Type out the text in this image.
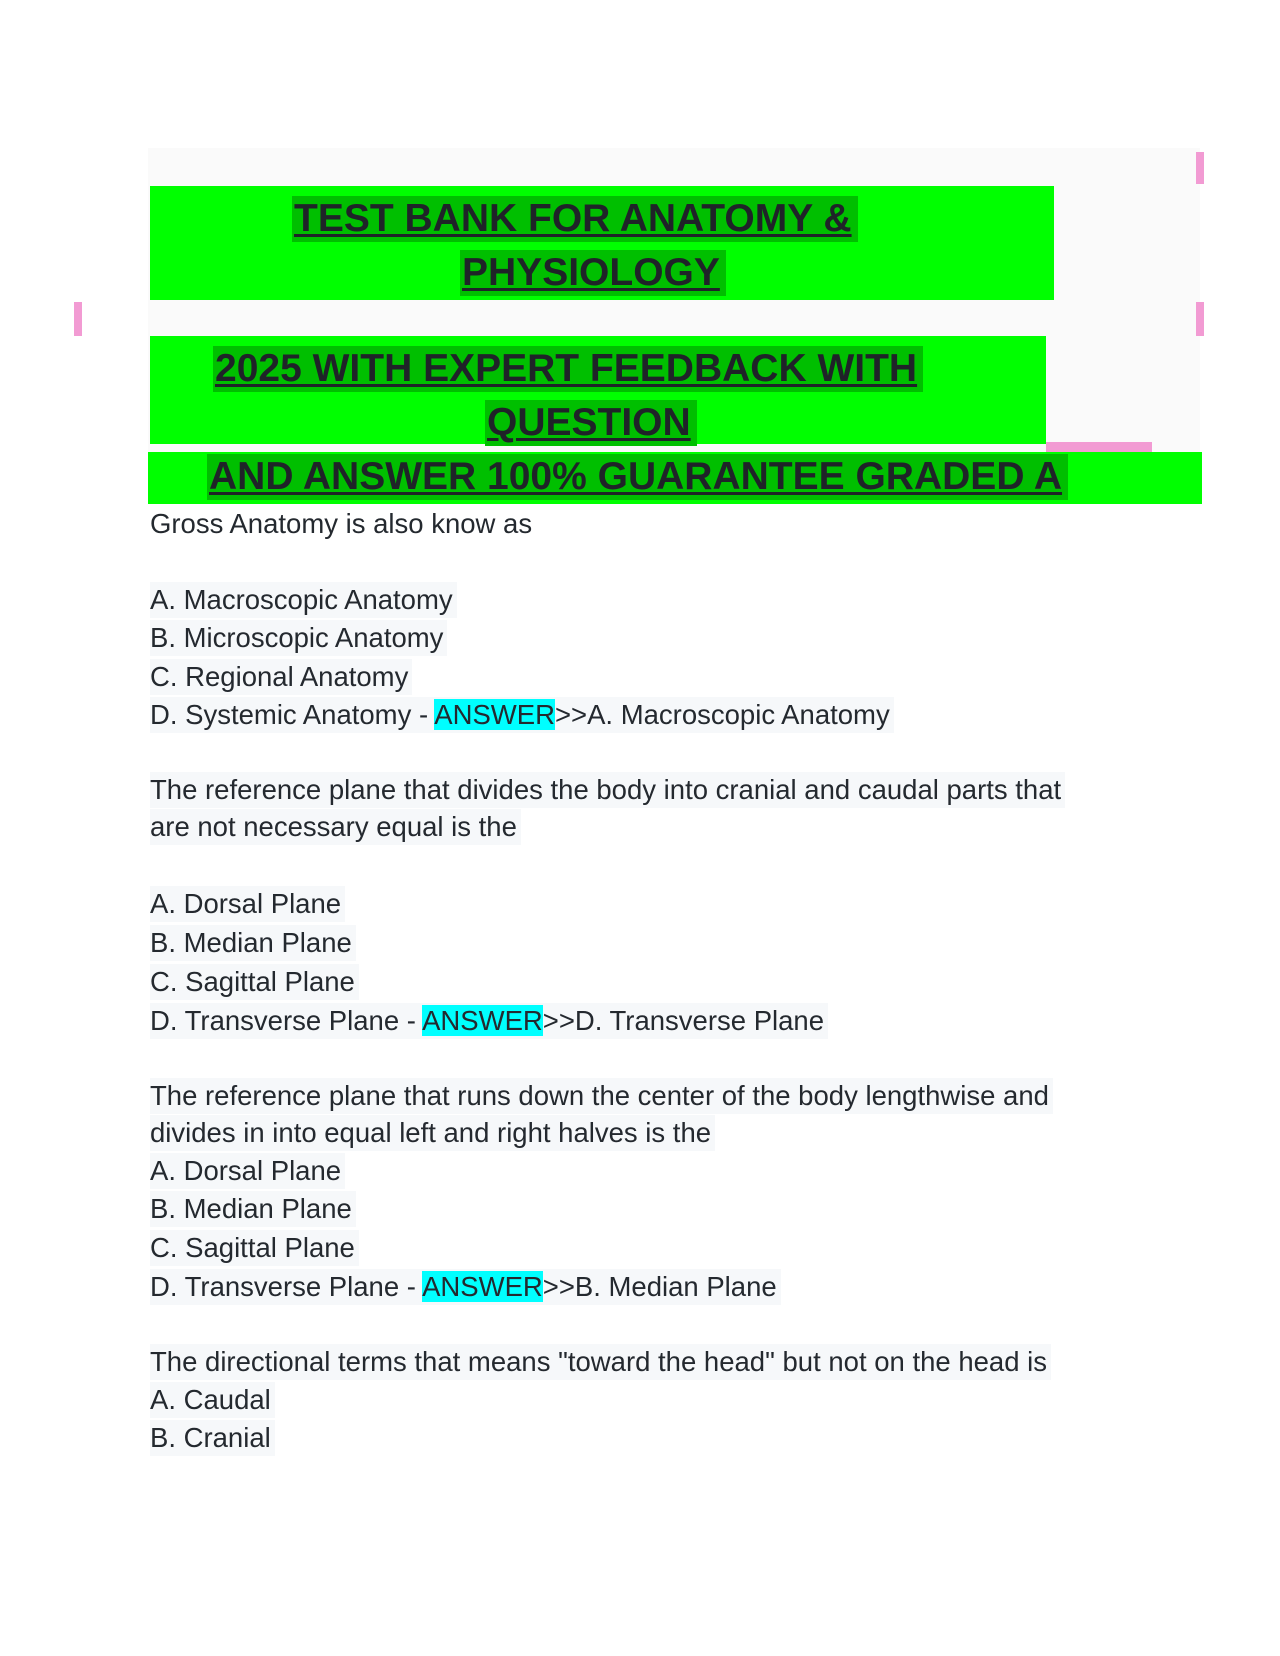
TEST BANK FOR ANATOMY &
PHYSIOLOGY
2025 WITH EXPERT FEEDBACK WITH
QUESTION
AND ANSWER 100% GUARANTEE GRADED A
Gross Anatomy is also know as
A. Macroscopic Anatomy
B. Microscopic Anatomy
C. Regional Anatomy
D. Systemic Anatomy - ANSWER>>A. Macroscopic Anatomy
The reference plane that divides the body into cranial and caudal parts that
are not necessary equal is the
A. Dorsal Plane
B. Median Plane
C. Sagittal Plane
D. Transverse Plane - ANSWER>>D. Transverse Plane
The reference plane that runs down the center of the body lengthwise and
divides in into equal left and right halves is the
A. Dorsal Plane
B. Median Plane
C. Sagittal Plane
D. Transverse Plane - ANSWER>>B. Median Plane
The directional terms that means "toward the head" but not on the head is
A. Caudal
B. Cranial
